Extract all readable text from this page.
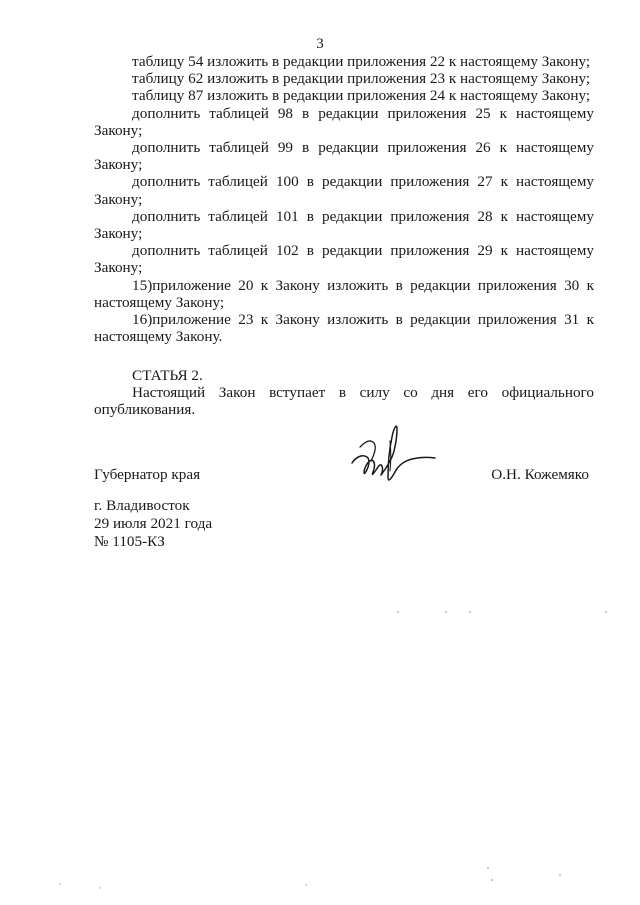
3

таблицу 54 изложить в редакции приложения 22 к настоящему Закону;

таблицу 62 изложить в редакции приложения 23 к настоящему Закону;

таблицу 87 изложить в редакции приложения 24 к настоящему Закону;

дополнить таблицей 98 в редакции приложения 25 к настоящему Закону;

дополнить таблицей 99 в редакции приложения 26 к настоящему Закону;

дополнить таблицей 100 в редакции приложения 27 к настоящему Закону;

дополнить таблицей 101 в редакции приложения 28 к настоящему Закону;

дополнить таблицей 102 в редакции приложения 29 к настоящему Закону;

15)приложение 20 к Закону изложить в редакции приложения 30 к настоящему Закону;

16)приложение 23 к Закону изложить в редакции приложения 31 к настоящему Закону.

СТАТЬЯ 2.

Настоящий Закон вступает в силу со дня его официального опубликования.

Губернатор края	О.Н. Кожемяко
г. Владивосток
29 июля 2021 года
№ 1105-КЗ
